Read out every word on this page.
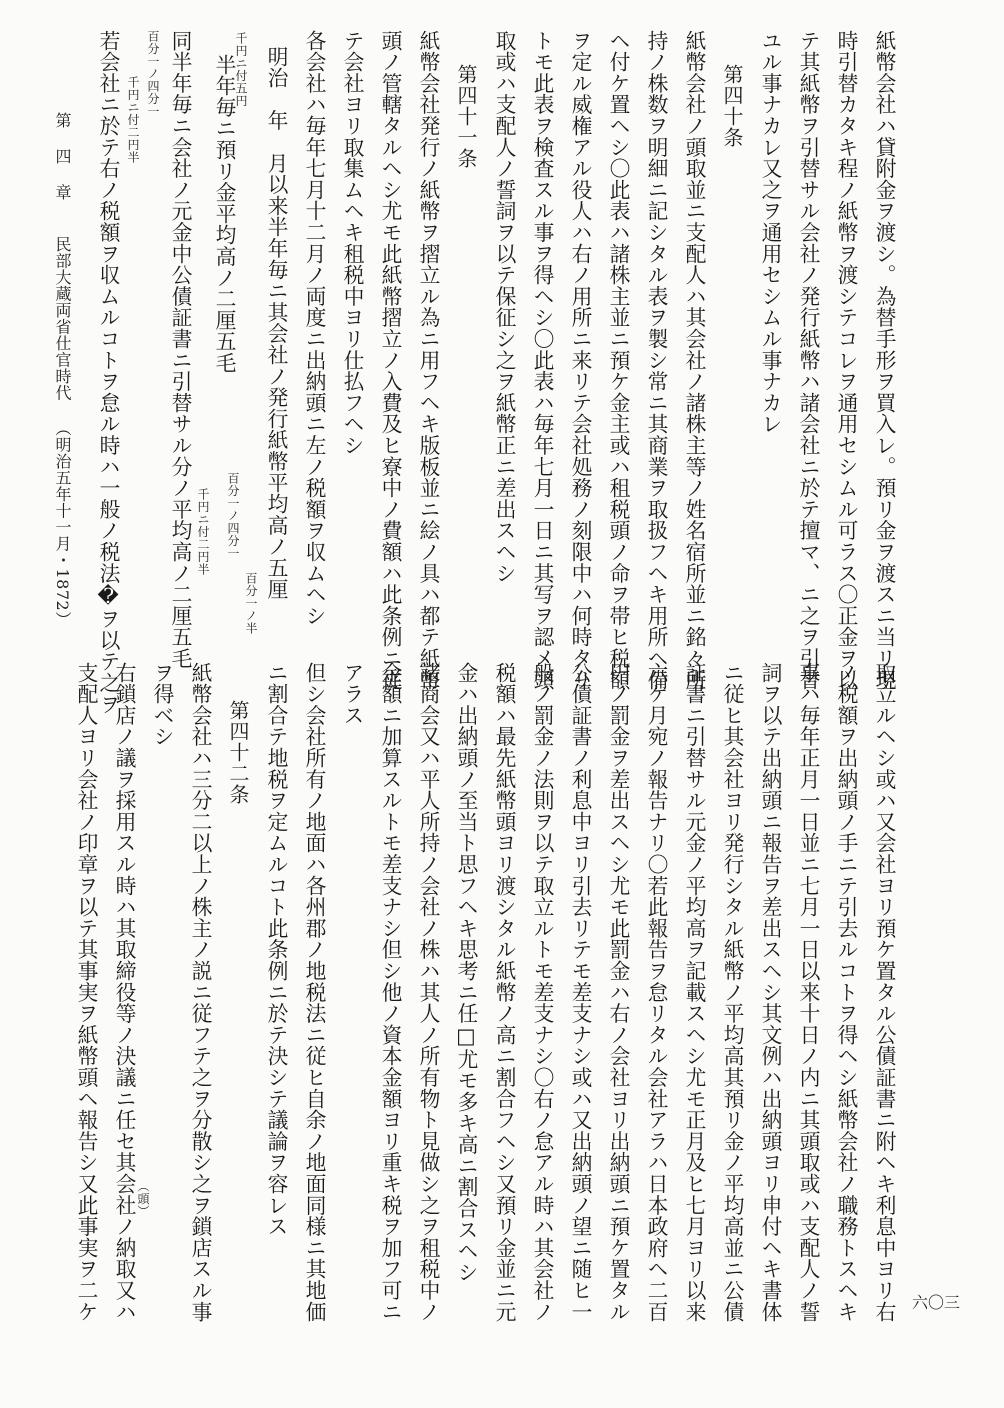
紙幣会社ハ貸附金ヲ渡シ。為替手形ヲ買入レ。預リ金ヲ渡スニ当リ現
時引替カタキ程ノ紙幣ヲ渡シテコレヲ通用セシムル可ラス〇正金ヲ以
テ其紙幣ヲ引替サル会社ノ発行紙幣ハ諸会社ニ於テ擅マ、ニ之ヲ引替
ユル事ナカレ又之ヲ通用セシムル事ナカレ
第四十条
紙幣会社ノ頭取並ニ支配人ハ其会社ノ諸株主等ノ姓名宿所並ニ銘々所
持ノ株数ヲ明細ニ記シタル表ヲ製シ常ニ其商業ヲ取扱フヘキ用所ヘ備
ヘ付ケ置ヘシ〇此表ハ諸株主並ニ預ケ金主或ハ租税頭ノ命ヲ帯ヒ税額
ヲ定ル威権アル役人ハ右ノ用所ニ来リテ会社処務ノ刻限中ハ何時タリ
トモ此表ヲ検査スル事ヲ得ヘシ〇此表ハ毎年七月一日ニ其写ヲ認メ頭
取或ハ支配人ノ誓詞ヲ以テ保征シ之ヲ紙幣正ニ差出スヘシ
第四十一条
紙幣会社発行ノ紙幣ヲ摺立ル為ニ用フヘキ版板並ニ絵ノ具ハ都テ紙幣
頭ノ管轄タルヘシ尤モ此紙幣摺立ノ入費及ヒ寮中ノ費額ハ此条例ニ従
テ会社ヨリ取集ムヘキ租税中ヨリ仕払フヘシ
各会社ハ毎年七月十二月ノ両度ニ出納頭ニ左ノ税額ヲ収ムヘシ
明治　年　月以来半年毎ニ其会社ノ発行紙幣平均高ノ五厘
百分一ノ半
半年毎ニ預リ金平均高ノ二厘五毛
百分一ノ四分一
千円ニ付五円
千円ニ付二円半
同半年毎ニ会社ノ元金中公債証書ニ引替サル分ノ平均高ノ二厘五毛
百分一ノ四分一
千円ニ付二円半
若会社ニ於テ右ノ税額ヲ収ムルコトヲ怠ル時ハ一般ノ税法�ヲ以テ之ヲ
第 四 章
民部大蔵両省仕官時代
（明治五年十一月・1872）
取立ルヘシ或ハ又会社ヨリ預ケ置タル公債証書ニ附ヘキ利息中ヨリ右
ノ税額ヲ出納頭ノ手ニテ引去ルコトヲ得ヘシ紙幣会社ノ職務トスヘキ
事ハ毎年正月一日並ニ七月一日以来十日ノ内ニ其頭取或ハ支配人ノ誓
詞ヲ以テ出納頭ニ報告ヲ差出スヘシ其文例ハ出納頭ヨリ申付ヘキ書体
ニ従ヒ其会社ヨリ発行シタル紙幣ノ平均高其預リ金ノ平均高並ニ公債
証書ニ引替サル元金ノ平均高ヲ記載スヘシ尤モ正月及ヒ七月ヨリ以来
六ケ月宛ノ報告ナリ〇若此報告ヲ怠リタル会社アラハ日本政府ヘ二百
円ノ罰金ヲ差出スヘシ尤モ此罰金ハ右ノ会社ヨリ出納頭ニ預ケ置タル
公債証書ノ利息中ヨリ引去リテモ差支ナシ或ハ又出納頭ノ望ニ随ヒ一
般ノ罰金ノ法則ヲ以テ取立ルトモ差支ナシ〇右ノ怠アル時ハ其会社ノ
税額ハ最先紙幣頭ヨリ渡シタル紙幣ノ高ニ割合フヘシ又預リ金並ニ元
金ハ出納頭ノ至当ト思フヘキ思考ニ任□尤モ多キ高ニ割合スヘシ
諸商会又ハ平人所持ノ会社ノ株ハ其人ノ所有物ト見做シ之ヲ租税中ノ
金額ニ加算スルトモ差支ナシ但シ他ノ資本金額ヨリ重キ税ヲ加フ可ニ
アラス
但シ会社所有ノ地面ハ各州郡ノ地税法ニ従ヒ自余ノ地面同様ニ其地価
ニ割合テ地税ヲ定ムルコト此条例ニ於テ決シテ議論ヲ容レス
第四十二条
紙幣会社ハ三分二以上ノ株主ノ説ニ従フテ之ヲ分散シ之ヲ鎖店スル事
ヲ得ベシ
右鎖店ノ議ヲ採用スル時ハ其取締役等ノ決議ニ任セ其会社ノ納取又ハ （頭）
支配人ヨリ会社ノ印章ヲ以テ其事実ヲ紙幣頭ヘ報告シ又此事実ヲ二ケ	六〇三
